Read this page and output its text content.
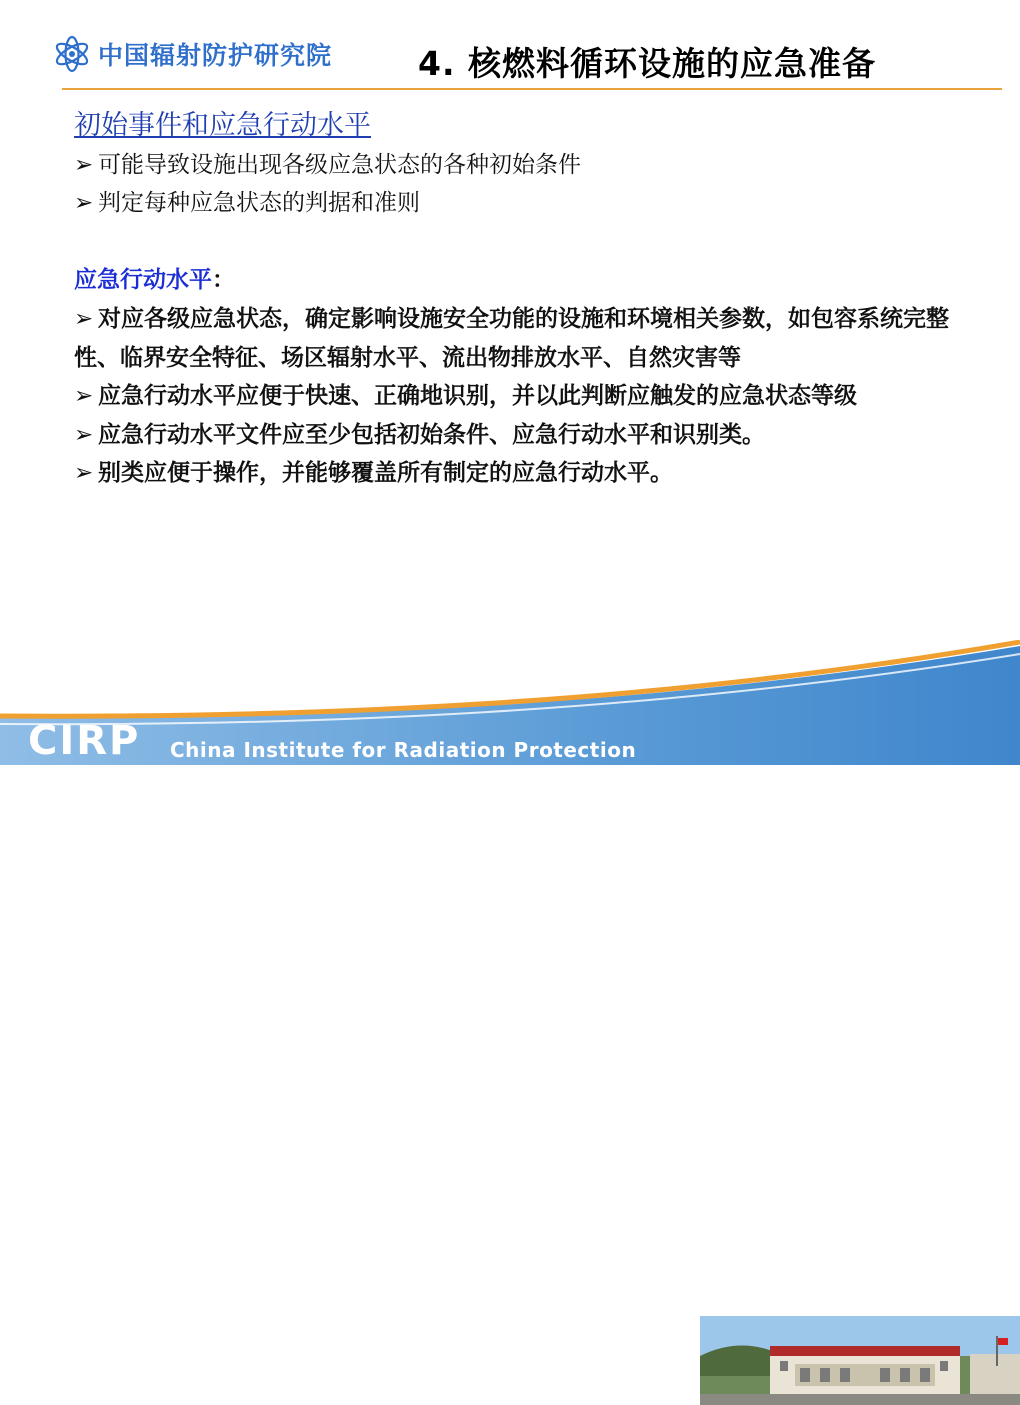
中国辐射防护研究院	4. 核燃料循环设施的应急准备
初始事件和应急行动水平
➢ 可能导致设施出现各级应急状态的各种初始条件
➢ 判定每种应急状态的判据和准则
应急行动水平：
➢ 对应各级应急状态，确定影响设施安全功能的设施和环境相关参数，如包容系统完整性、临界安全特征、场区辐射水平、流出物排放水平、自然灾害等
➢ 应急行动水平应便于快速、正确地识别，并以此判断应触发的应急状态等级
➢ 应急行动水平文件应至少包括初始条件、应急行动水平和识别类。
➢ 别类应便于操作，并能够覆盖所有制定的应急行动水平。
CIRP China Institute for Radiation Protection
